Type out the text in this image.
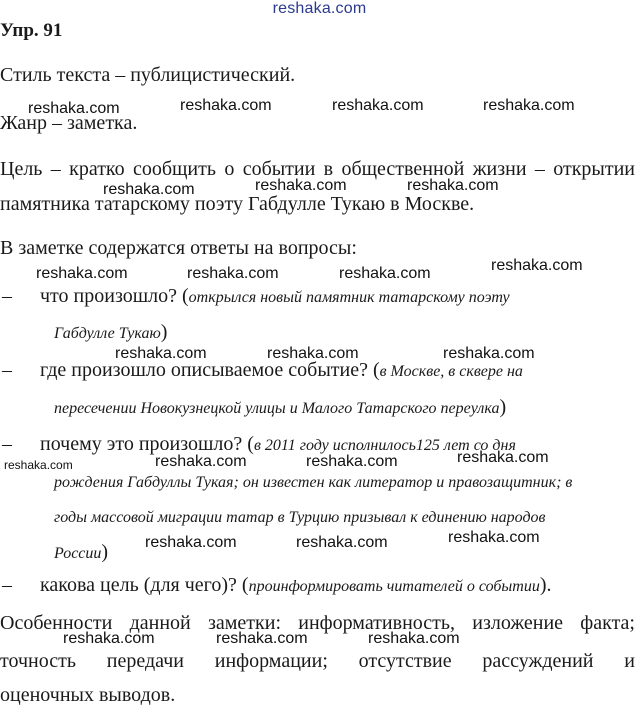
reshaka.com
Упр. 91
Стиль текста – публицистический.
Жанр – заметка.
Цель – кратко сообщить о событии в общественной жизни – открытии
памятника татарскому поэту Габдулле Тукаю в Москве.
В заметке содержатся ответы на вопросы:
– что произошло? (открылся новый памятник татарскому поэту
Габдулле Тукаю)
– где произошло описываемое событие? (в Москве, в сквере на
пересечении Новокузнецкой улицы и Малого Татарского переулка)
– почему это произошло? (в 2011 году исполнилось125 лет со дня
рождения Габдуллы Тукая; он известен как литератор и правозащитник; в
годы массовой миграции татар в Турцию призывал к единению народов
России)
– какова цель (для чего)? (проинформировать читателей о событии).
Особенности данной заметки: информативность, изложение факта;
точность передачи информации; отсутствие рассуждений и
оценочных выводов.
reshaka.com	reshaka.com	reshaka.com	reshaka.com
reshaka.com	reshaka.com	reshaka.com
reshaka.com	reshaka.com	reshaka.com	reshaka.com
reshaka.com	reshaka.com	reshaka.com
reshaka.com	reshaka.com	reshaka.com	reshaka.com
reshaka.com	reshaka.com	reshaka.com
reshaka.com	reshaka.com	reshaka.com
